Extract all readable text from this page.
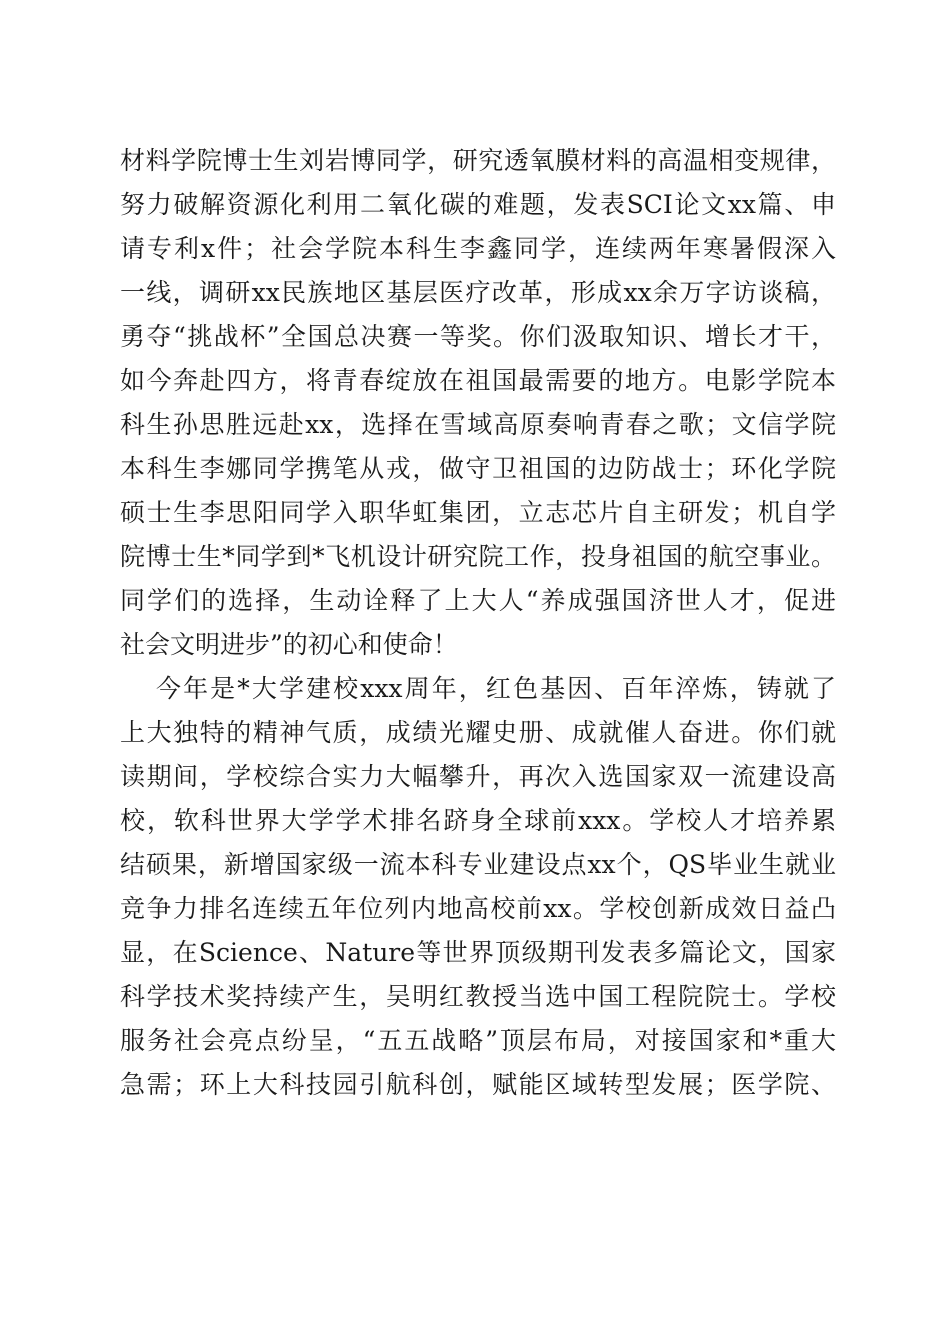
材料学院博士生刘岩博同学，研究透氧膜材料的高温相变规律，
努力破解资源化利用二氧化碳的难题，发表SCI论文xx篇、申
请专利x件；社会学院本科生李鑫同学，连续两年寒暑假深入
一线，调研xx民族地区基层医疗改革，形成xx余万字访谈稿，
勇夺“挑战杯”全国总决赛一等奖。你们汲取知识、增长才干，
如今奔赴四方，将青春绽放在祖国最需要的地方。电影学院本
科生孙思胜远赴xx，选择在雪域高原奏响青春之歌；文信学院
本科生李娜同学携笔从戎，做守卫祖国的边防战士；环化学院
硕士生李思阳同学入职华虹集团，立志芯片自主研发；机自学
院博士生*同学到*飞机设计研究院工作，投身祖国的航空事业。
同学们的选择，生动诠释了上大人“养成强国济世人才，促进
社会文明进步”的初心和使命！
今年是*大学建校xxx周年，红色基因、百年淬炼，铸就了
上大独特的精神气质，成绩光耀史册、成就催人奋进。你们就
读期间，学校综合实力大幅攀升，再次入选国家双一流建设高
校，软科世界大学学术排名跻身全球前xxx。学校人才培养累
结硕果，新增国家级一流本科专业建设点xx个，QS毕业生就业
竞争力排名连续五年位列内地高校前xx。学校创新成效日益凸
显，在Science、Nature等世界顶级期刊发表多篇论文，国家
科学技术奖持续产生，吴明红教授当选中国工程院院士。学校
服务社会亮点纷呈，“五五战略”顶层布局，对接国家和*重大
急需；环上大科技园引航科创，赋能区域转型发展；医学院、
